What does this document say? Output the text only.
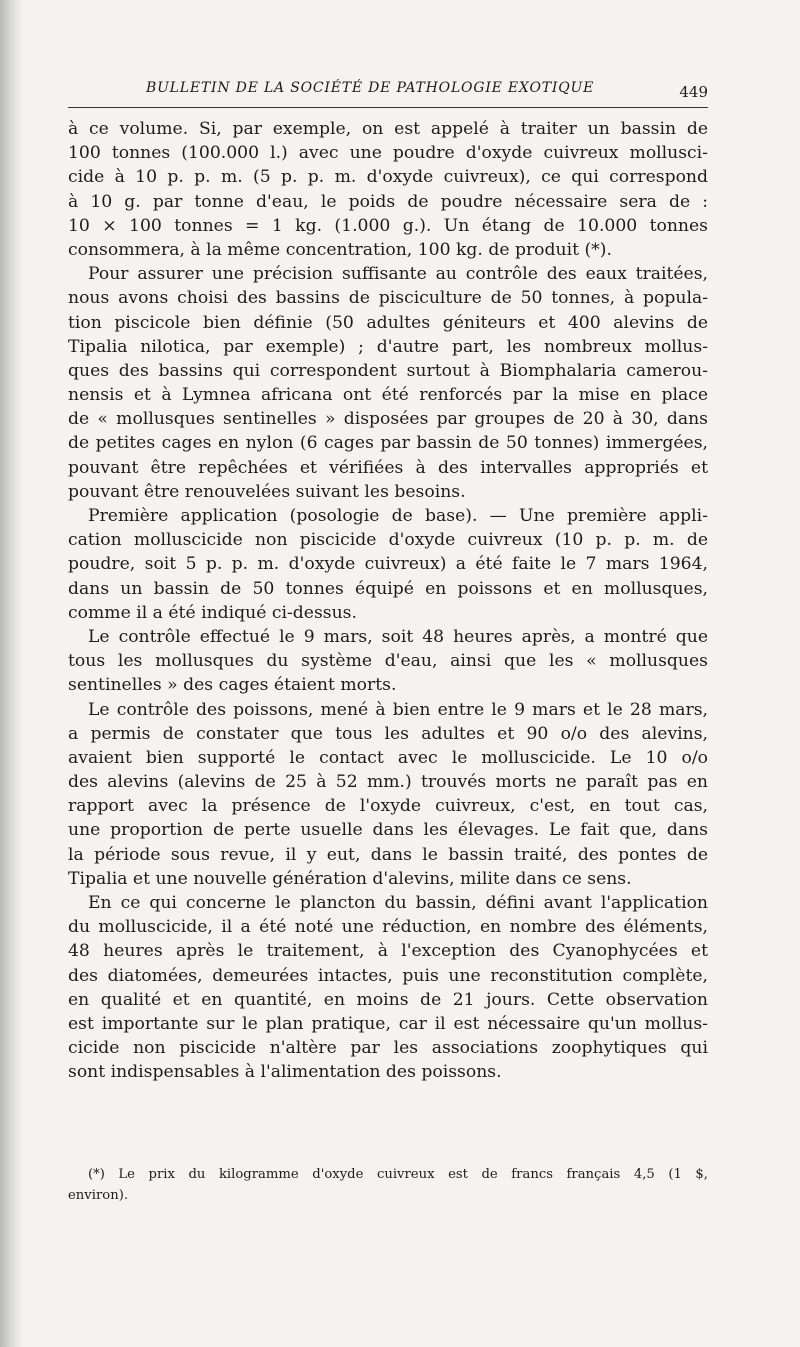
BULLETIN DE LA SOCIÉTÉ DE PATHOLOGIE EXOTIQUE	449
à ce volume. Si, par exemple, on est appelé à traiter un bassin de
100 tonnes (100.000 l.) avec une poudre d'oxyde cuivreux mollusci-
cide à 10 p. p. m. (5 p. p. m. d'oxyde cuivreux), ce qui correspond
à 10 g. par tonne d'eau, le poids de poudre nécessaire sera de :
10 × 100 tonnes = 1 kg. (1.000 g.). Un étang de 10.000 tonnes
consommera, à la même concentration, 100 kg. de produit (*).
Pour assurer une précision suffisante au contrôle des eaux traitées,
nous avons choisi des bassins de pisciculture de 50 tonnes, à popula-
tion piscicole bien définie (50 adultes géniteurs et 400 alevins de
Tipalia nilotica, par exemple) ; d'autre part, les nombreux mollus-
ques des bassins qui correspondent surtout à Biomphalaria camerou-
nensis et à Lymnea africana ont été renforcés par la mise en place
de « mollusques sentinelles » disposées par groupes de 20 à 30, dans
de petites cages en nylon (6 cages par bassin de 50 tonnes) immergées,
pouvant être repêchées et vérifiées à des intervalles appropriés et
pouvant être renouvelées suivant les besoins.
Première application (posologie de base). — Une première appli-
cation molluscicide non piscicide d'oxyde cuivreux (10 p. p. m. de
poudre, soit 5 p. p. m. d'oxyde cuivreux) a été faite le 7 mars 1964,
dans un bassin de 50 tonnes équipé en poissons et en mollusques,
comme il a été indiqué ci-dessus.
Le contrôle effectué le 9 mars, soit 48 heures après, a montré que
tous les mollusques du système d'eau, ainsi que les « mollusques
sentinelles » des cages étaient morts.
Le contrôle des poissons, mené à bien entre le 9 mars et le 28 mars,
a permis de constater que tous les adultes et 90 o/o des alevins,
avaient bien supporté le contact avec le molluscicide. Le 10 o/o
des alevins (alevins de 25 à 52 mm.) trouvés morts ne paraît pas en
rapport avec la présence de l'oxyde cuivreux, c'est, en tout cas,
une proportion de perte usuelle dans les élevages. Le fait que, dans
la période sous revue, il y eut, dans le bassin traité, des pontes de
Tipalia et une nouvelle génération d'alevins, milite dans ce sens.
En ce qui concerne le plancton du bassin, défini avant l'application
du molluscicide, il a été noté une réduction, en nombre des éléments,
48 heures après le traitement, à l'exception des Cyanophycées et
des diatomées, demeurées intactes, puis une reconstitution complète,
en qualité et en quantité, en moins de 21 jours. Cette observation
est importante sur le plan pratique, car il est nécessaire qu'un mollus-
cicide non piscicide n'altère par les associations zoophytiques qui
sont indispensables à l'alimentation des poissons.
(*) Le prix du kilogramme d'oxyde cuivreux est de francs français 4,5 (1 $,
environ).
